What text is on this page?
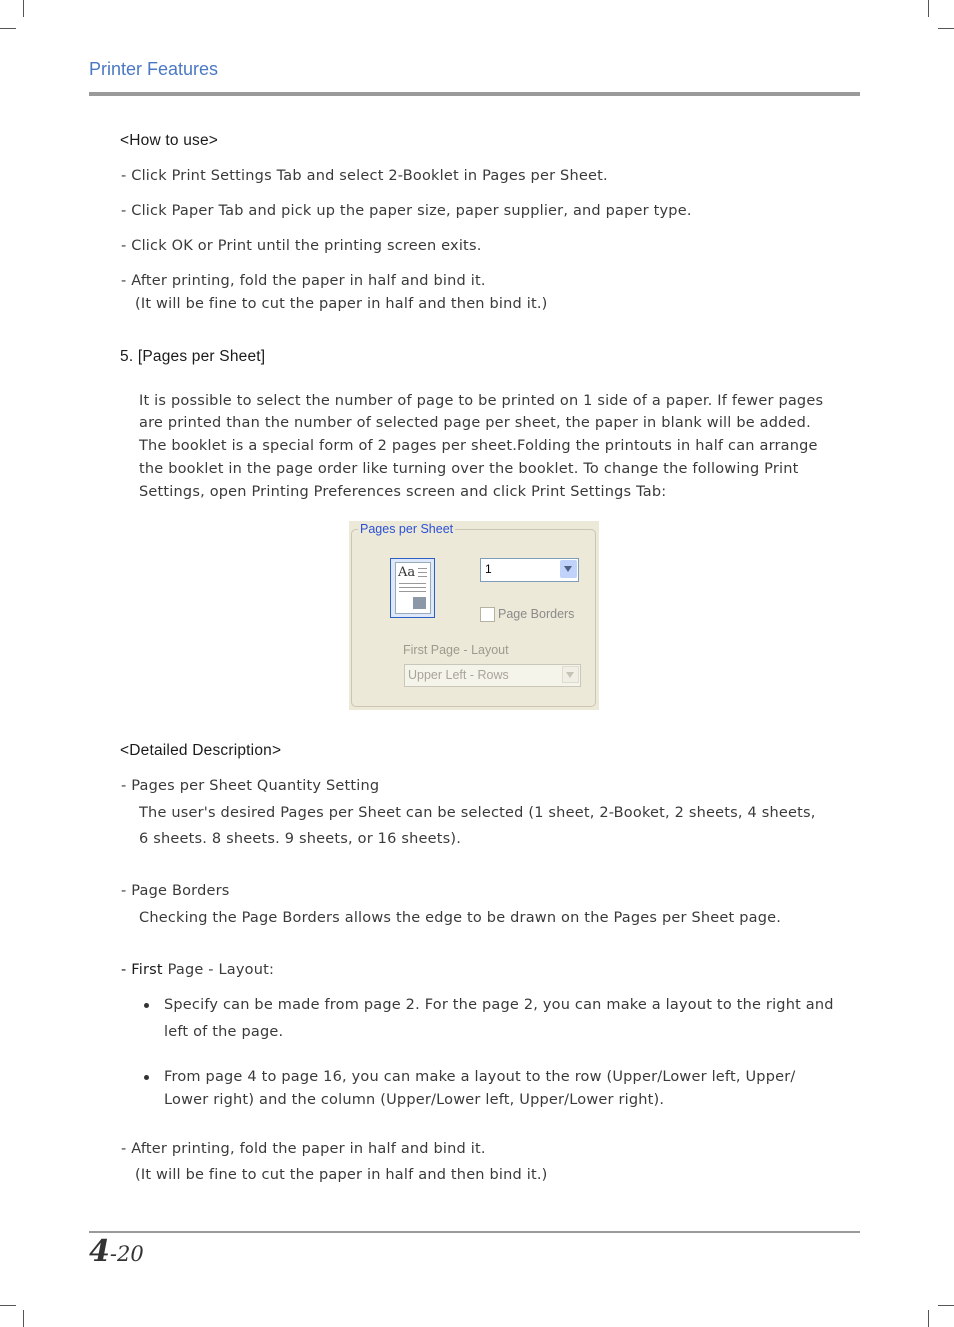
Printer Features
<How to use>
- Click Print Settings Tab and select 2-Booklet in Pages per Sheet.
- Click Paper Tab and pick up the paper size, paper supplier, and paper type.
- Click OK or Print until the printing screen exits.
- After printing, fold the paper in half and bind it.
(It will be fine to cut the paper in half and then bind it.)
5. [Pages per Sheet]
It is possible to select the number of page to be printed on 1 side of a paper. If fewer pages
are printed than the number of selected page per sheet, the paper in blank will be added.
The booklet is a special form of 2 pages per sheet.Folding the printouts in half can arrange
the booklet in the page order like turning over the booklet. To change the following Print
Settings, open Printing Preferences screen and click Print Settings Tab:
Pages per Sheet
Aa	1
Page Borders
First Page - Layout
Upper Left - Rows
<Detailed Description>
- Pages per Sheet Quantity Setting
The user's desired Pages per Sheet can be selected (1 sheet, 2-Booket, 2 sheets, 4 sheets,
6 sheets. 8 sheets. 9 sheets, or 16 sheets).
- Page Borders
Checking the Page Borders allows the edge to be drawn on the Pages per Sheet page.
- First Page - Layout:
Specify can be made from page 2. For the page 2, you can make a layout to the right and
left of the page.
From page 4 to page 16, you can make a layout to the row (Upper/Lower left, Upper/
Lower right) and the column (Upper/Lower left, Upper/Lower right).
- After printing, fold the paper in half and bind it.
(It will be fine to cut the paper in half and then bind it.)
4-20
